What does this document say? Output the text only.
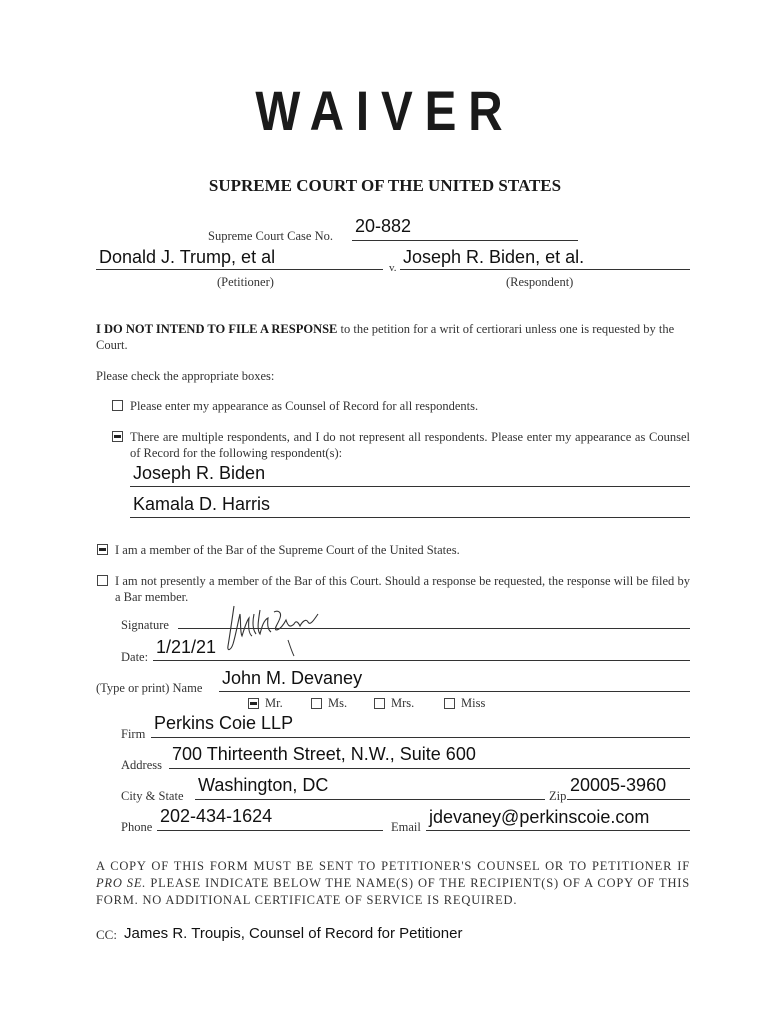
WAIVER
SUPREME COURT OF THE UNITED STATES
Supreme Court Case No. 20-882
Donald J. Trump, et al
v.
Joseph R. Biden, et al.
(Petitioner)	(Respondent)
I DO NOT INTEND TO FILE A RESPONSE to the petition for a writ of certiorari unless one is requested by the Court.
Please check the appropriate boxes:
Please enter my appearance as Counsel of Record for all respondents.
There are multiple respondents, and I do not represent all respondents. Please enter my appearance as Counsel of Record for the following respondent(s):
Joseph R. Biden
Kamala D. Harris
I am a member of the Bar of the Supreme Court of the United States.
I am not presently a member of the Bar of this Court. Should a response be requested, the response will be filed by a Bar member.
Signature
Date: 1/21/21
(Type or print) Name John M. Devaney
Mr.	Ms.	Mrs.	Miss
Firm
Perkins Coie LLP
Address
700 Thirteenth Street, N.W., Suite 600
City & State
Washington, DC
Zip
20005-3960
Phone
202-434-1624
Email jdevaney@perkinscoie.com
A COPY OF THIS FORM MUST BE SENT TO PETITIONER'S COUNSEL OR TO PETITIONER IF PRO SE. PLEASE INDICATE BELOW THE NAME(S) OF THE RECIPIENT(S) OF A COPY OF THIS FORM. NO ADDITIONAL CERTIFICATE OF SERVICE IS REQUIRED.
CC: James R. Troupis, Counsel of Record for Petitioner
